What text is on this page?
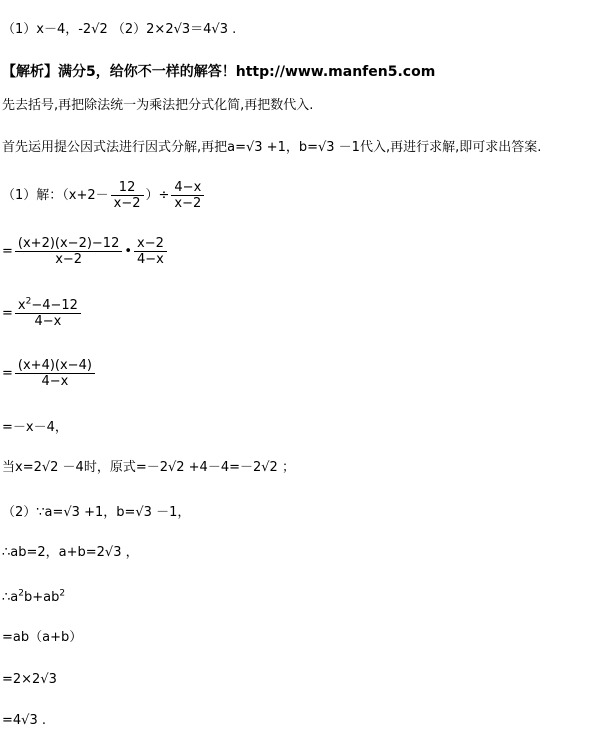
（1）x－4，-2√2 （2）2×2√3＝4√3 .
【解析】满分5，给你不一样的解答！http://www.manfen5.com
先去括号,再把除法统一为乘法把分式化简,再把数代入.
首先运用提公因式法进行因式分解,再把a=√3 +1，b=√3 －1代入,再进行求解,即可求出答案.
（1）解：（$x+2- \frac{12}{x-2}$ ）÷ $\frac{4-x}{x-2}$
= $\frac{(x+2)(x-2)-12}{x-2}$ • $\frac{x-2}{4-x}$
= $\frac{x^2-4-12}{4-x}$
= $\frac{(x+4)(x-4)}{4-x}$
=－x－4，
当x=2√2 －4时，原式=－2√2 +4－4=－2√2 ；
（2）∵a=√3 +1，b=√3 －1，
∴ab=2，a+b=2√3 ，
$\therefore a^2b+ab^2$
=ab（a+b）
=2×2√3
=4√3 .
